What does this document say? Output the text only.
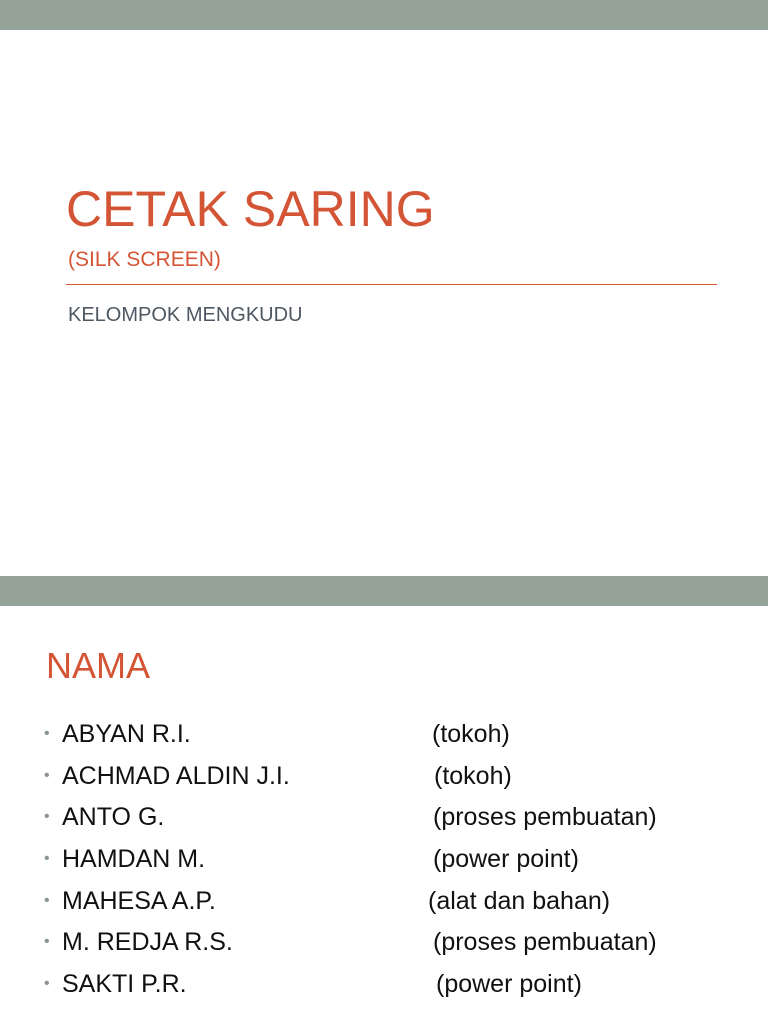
CETAK SARING
(SILK SCREEN)
KELOMPOK MENGKUDU
NAMA
• ABYAN R.I.	(tokoh)
• ACHMAD ALDIN J.I.	(tokoh)
• ANTO G.	(proses pembuatan)
• HAMDAN M.	(power point)
• MAHESA A.P.	(alat dan bahan)
• M. REDJA R.S.	(proses pembuatan)
• SAKTI P.R.	(power point)
